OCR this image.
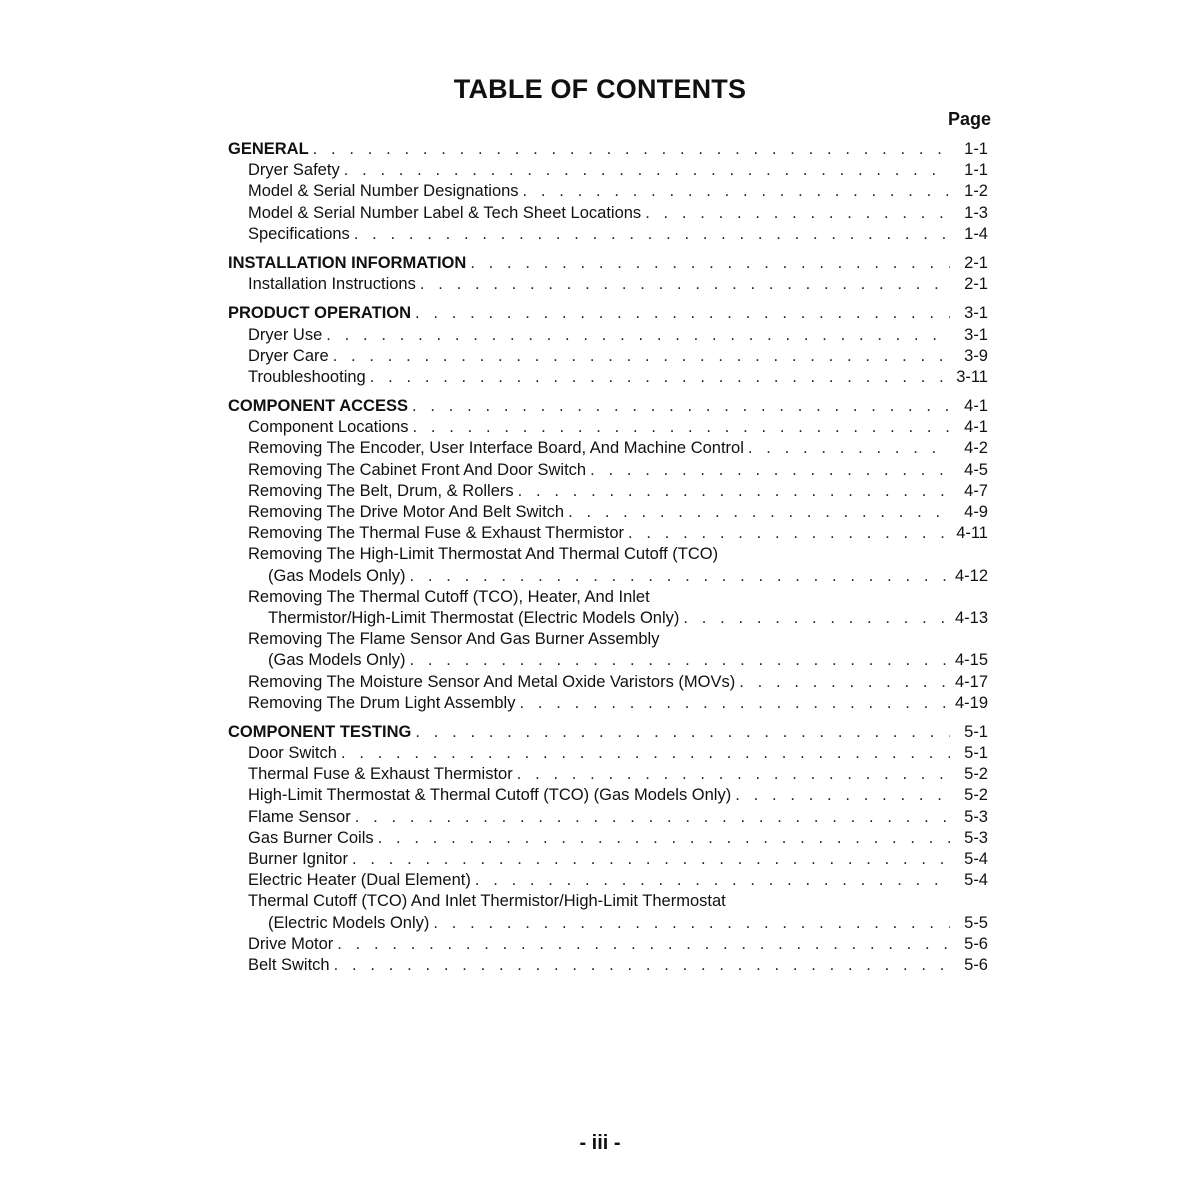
TABLE OF CONTENTS
Page
GENERAL . . .	1-1
Dryer Safety . . .	1-1
Model & Serial Number Designations . . .	1-2
Model & Serial Number Label & Tech Sheet Locations . . .	1-3
Specifications . . .	1-4
INSTALLATION INFORMATION . . .	2-1
Installation Instructions . . .	2-1
PRODUCT OPERATION . . .	3-1
Dryer Use . . .	3-1
Dryer Care . . .	3-9
Troubleshooting . . .	3-11
COMPONENT ACCESS . . .	4-1
Component Locations . . .	4-1
Removing The Encoder, User Interface Board, And Machine Control . . .	4-2
Removing The Cabinet Front And Door Switch . . .	4-5
Removing The Belt, Drum, & Rollers . . .	4-7
Removing The Drive Motor And Belt Switch . . .	4-9
Removing The Thermal Fuse & Exhaust Thermistor . . .	4-11
Removing The High-Limit Thermostat And Thermal Cutoff (TCO)
(Gas Models Only) . . .	4-12
Removing The Thermal Cutoff (TCO), Heater, And Inlet
Thermistor/High-Limit Thermostat (Electric Models Only) . . .	4-13
Removing The Flame Sensor And Gas Burner Assembly
(Gas Models Only) . . .	4-15
Removing The Moisture Sensor And Metal Oxide Varistors (MOVs) . . .	4-17
Removing The Drum Light Assembly . . .	4-19
COMPONENT TESTING . . .	5-1
Door Switch . . .	5-1
Thermal Fuse & Exhaust Thermistor . . .	5-2
High-Limit Thermostat & Thermal Cutoff (TCO) (Gas Models Only) . . .	5-2
Flame Sensor . . .	5-3
Gas Burner Coils . . .	5-3
Burner Ignitor . . .	5-4
Electric Heater (Dual Element) . . .	5-4
Thermal Cutoff (TCO) And Inlet Thermistor/High-Limit Thermostat
(Electric Models Only) . . .	5-5
Drive Motor . . .	5-6
Belt Switch . . .	5-6
- iii -
